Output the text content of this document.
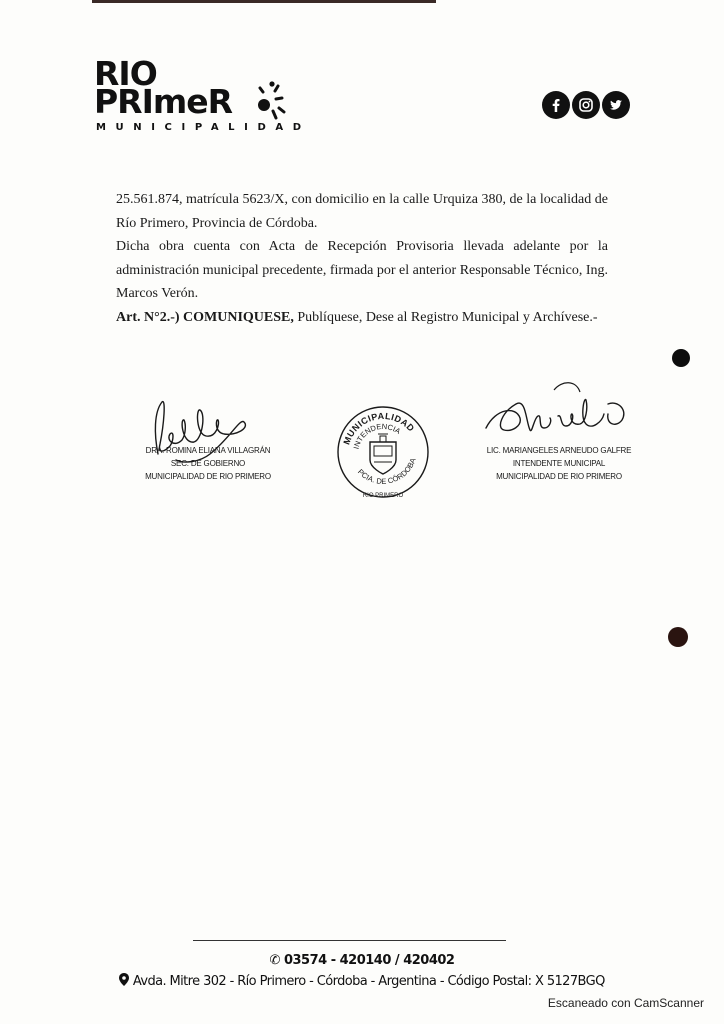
RIO
PRImeR
MUNICIPALIDAD

25.561.874, matrícula 5623/X, con domicilio en la calle Urquiza 380, de la localidad de Río Primero, Provincia de Córdoba.

Dicha obra cuenta con Acta de Recepción Provisoria llevada adelante por la administración municipal precedente, firmada por el anterior Responsable Técnico, Ing. Marcos Verón.

Art. N°2.-) COMUNIQUESE, Publíquese, Dese al Registro Municipal y Archívese.-

DRA. ROMINA ELIANA VILLAGRÁN
SEC. DE GOBIERNO
MUNICIPALIDAD DE RIO PRIMERO
MUNICIPALIDAD
INTENDENCIA
PCIA. DE CÓRDOBA
RIO PRIMERO
LIC. MARIANGELES ARNEUDO GALFRE
INTENDENTE MUNICIPAL
MUNICIPALIDAD DE RIO PRIMERO
✆ 03574 - 420140 / 420402
Avda. Mitre 302 - Río Primero - Córdoba - Argentina - Código Postal: X 5127BGQ
Escaneado con CamScanner
